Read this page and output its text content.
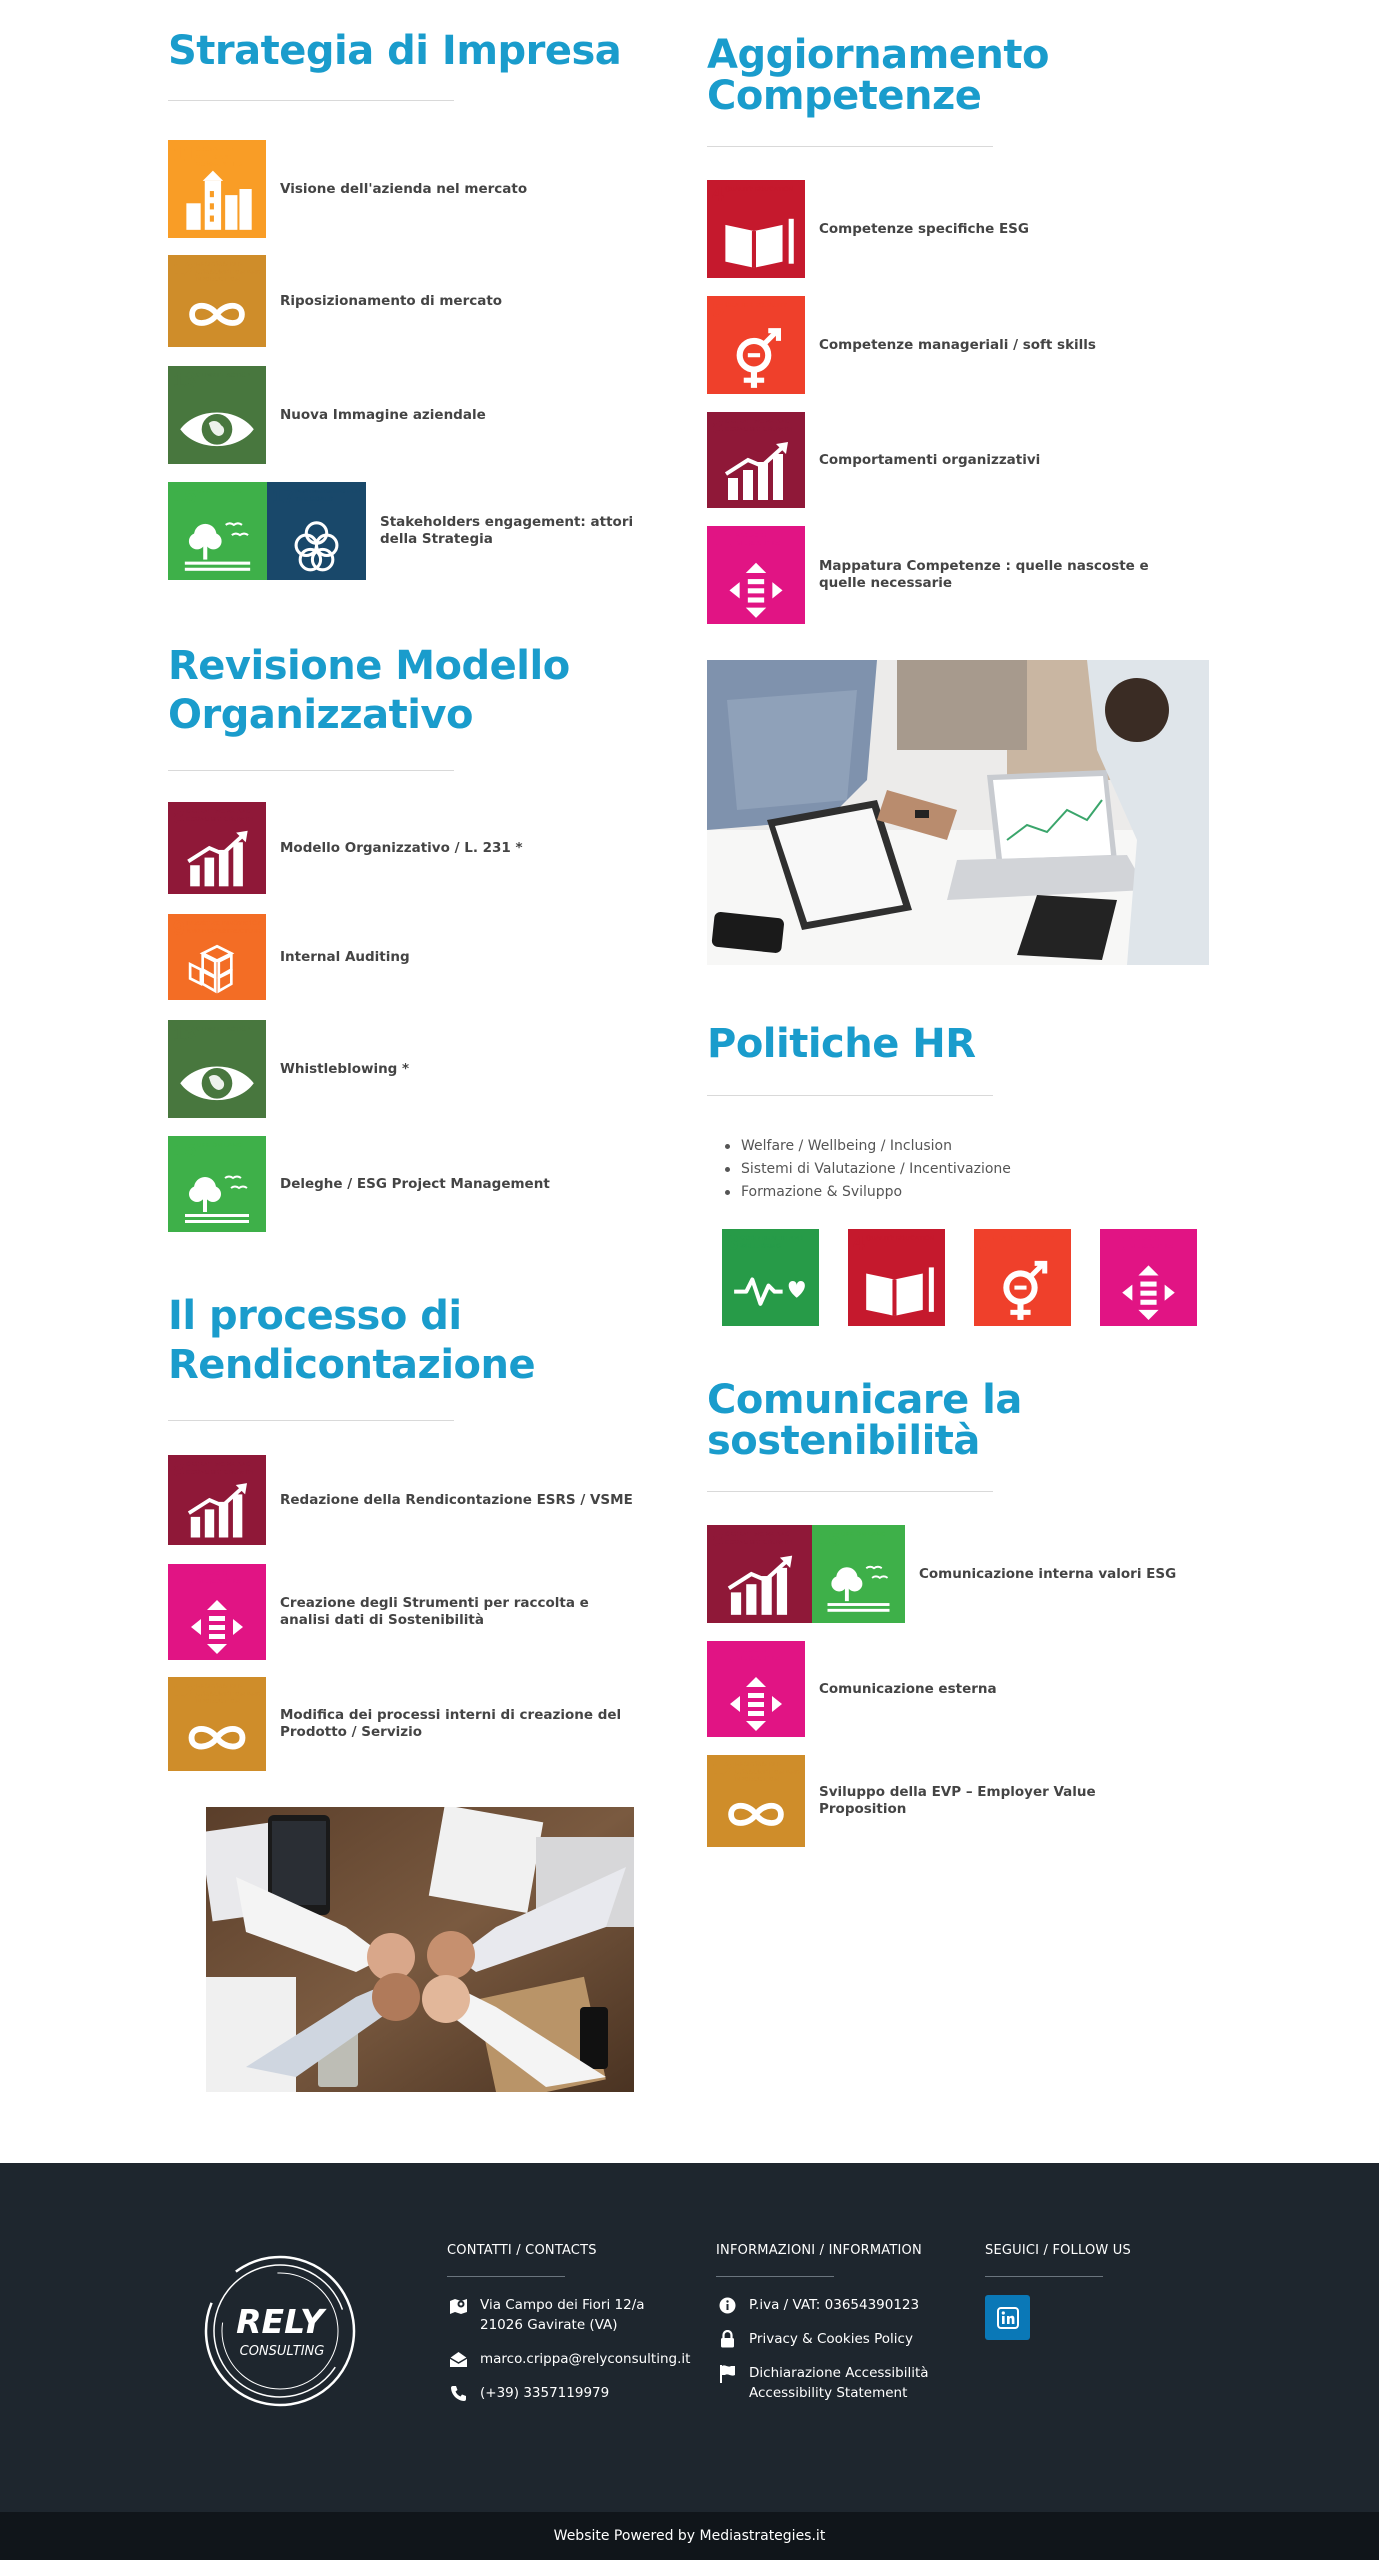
Strategia di Impresa
11 SUSTAINABLE CITIES AND COMMUNITIES
Visione dell'azienda nel mercato
12 RESPONSIBLE CONSUMPTION AND PRODUCTION
Riposizionamento di mercato
13 CLIMATE ACTION
Nuova Immagine aziendale
15 LIFE ON LAND	17 PARTNERSHIPS FOR THE GOALS
Stakeholders engagement: attori della Strategia
Revisione Modello
Organizzativo
8 DECENT WORK AND ECONOMIC GROWTH
Modello Organizzativo / L. 231 *
9 INDUSTRY, INNOVATION AND INFRASTRUCTURE
Internal Auditing
13 CLIMATE ACTION
Whistleblowing *
15 LIFE ON LAND
Deleghe / ESG Project Management
Il processo di
Rendicontazione
8 DECENT WORK AND ECONOMIC GROWTH
Redazione della Rendicontazione ESRS / VSME
10 REDUCED INEQUALITIES
Creazione degli Strumenti per raccolta e analisi dati di Sostenibilità
12 RESPONSIBLE CONSUMPTION AND PRODUCTION
Modifica dei processi interni di creazione del Prodotto / Servizio
Aggiornamento
Competenze
4 QUALITY EDUCATION
Competenze specifiche ESG
5 GENDER EQUALITY
Competenze manageriali / soft skills
8 DECENT WORK AND ECONOMIC GROWTH
Comportamenti organizzativi
10 REDUCED INEQUALITIES
Mappatura Competenze : quelle nascoste e quelle necessarie
Politiche HR
Welfare / Wellbeing / Inclusion
Sistemi di Valutazione / Incentivazione
Formazione & Sviluppo
3 GOOD HEALTH AND WELL-BEING	4 QUALITY EDUCATION	5 GENDER EQUALITY	10 REDUCED INEQUALITIES
Comunicare la
sostenibilità
8 DECENT WORK AND ECONOMIC GROWTH	15 LIFE ON LAND
Comunicazione interna valori ESG
10 REDUCED INEQUALITIES
Comunicazione esterna
12 RESPONSIBLE CONSUMPTION AND PRODUCTION
Sviluppo della EVP – Employer Value Proposition
RELY
CONSULTING
CONTATTI / CONTACTS
Via Campo dei Fiori 12/a
21026 Gavirate (VA)
marco.crippa@relyconsulting.it
(+39) 3357119979
INFORMAZIONI / INFORMATION
P.iva / VAT: 03654390123
Privacy & Cookies Policy
Dichiarazione Accessibilità
Accessibility Statement
SEGUICI / FOLLOW US
Website Powered by Mediastrategies.it
